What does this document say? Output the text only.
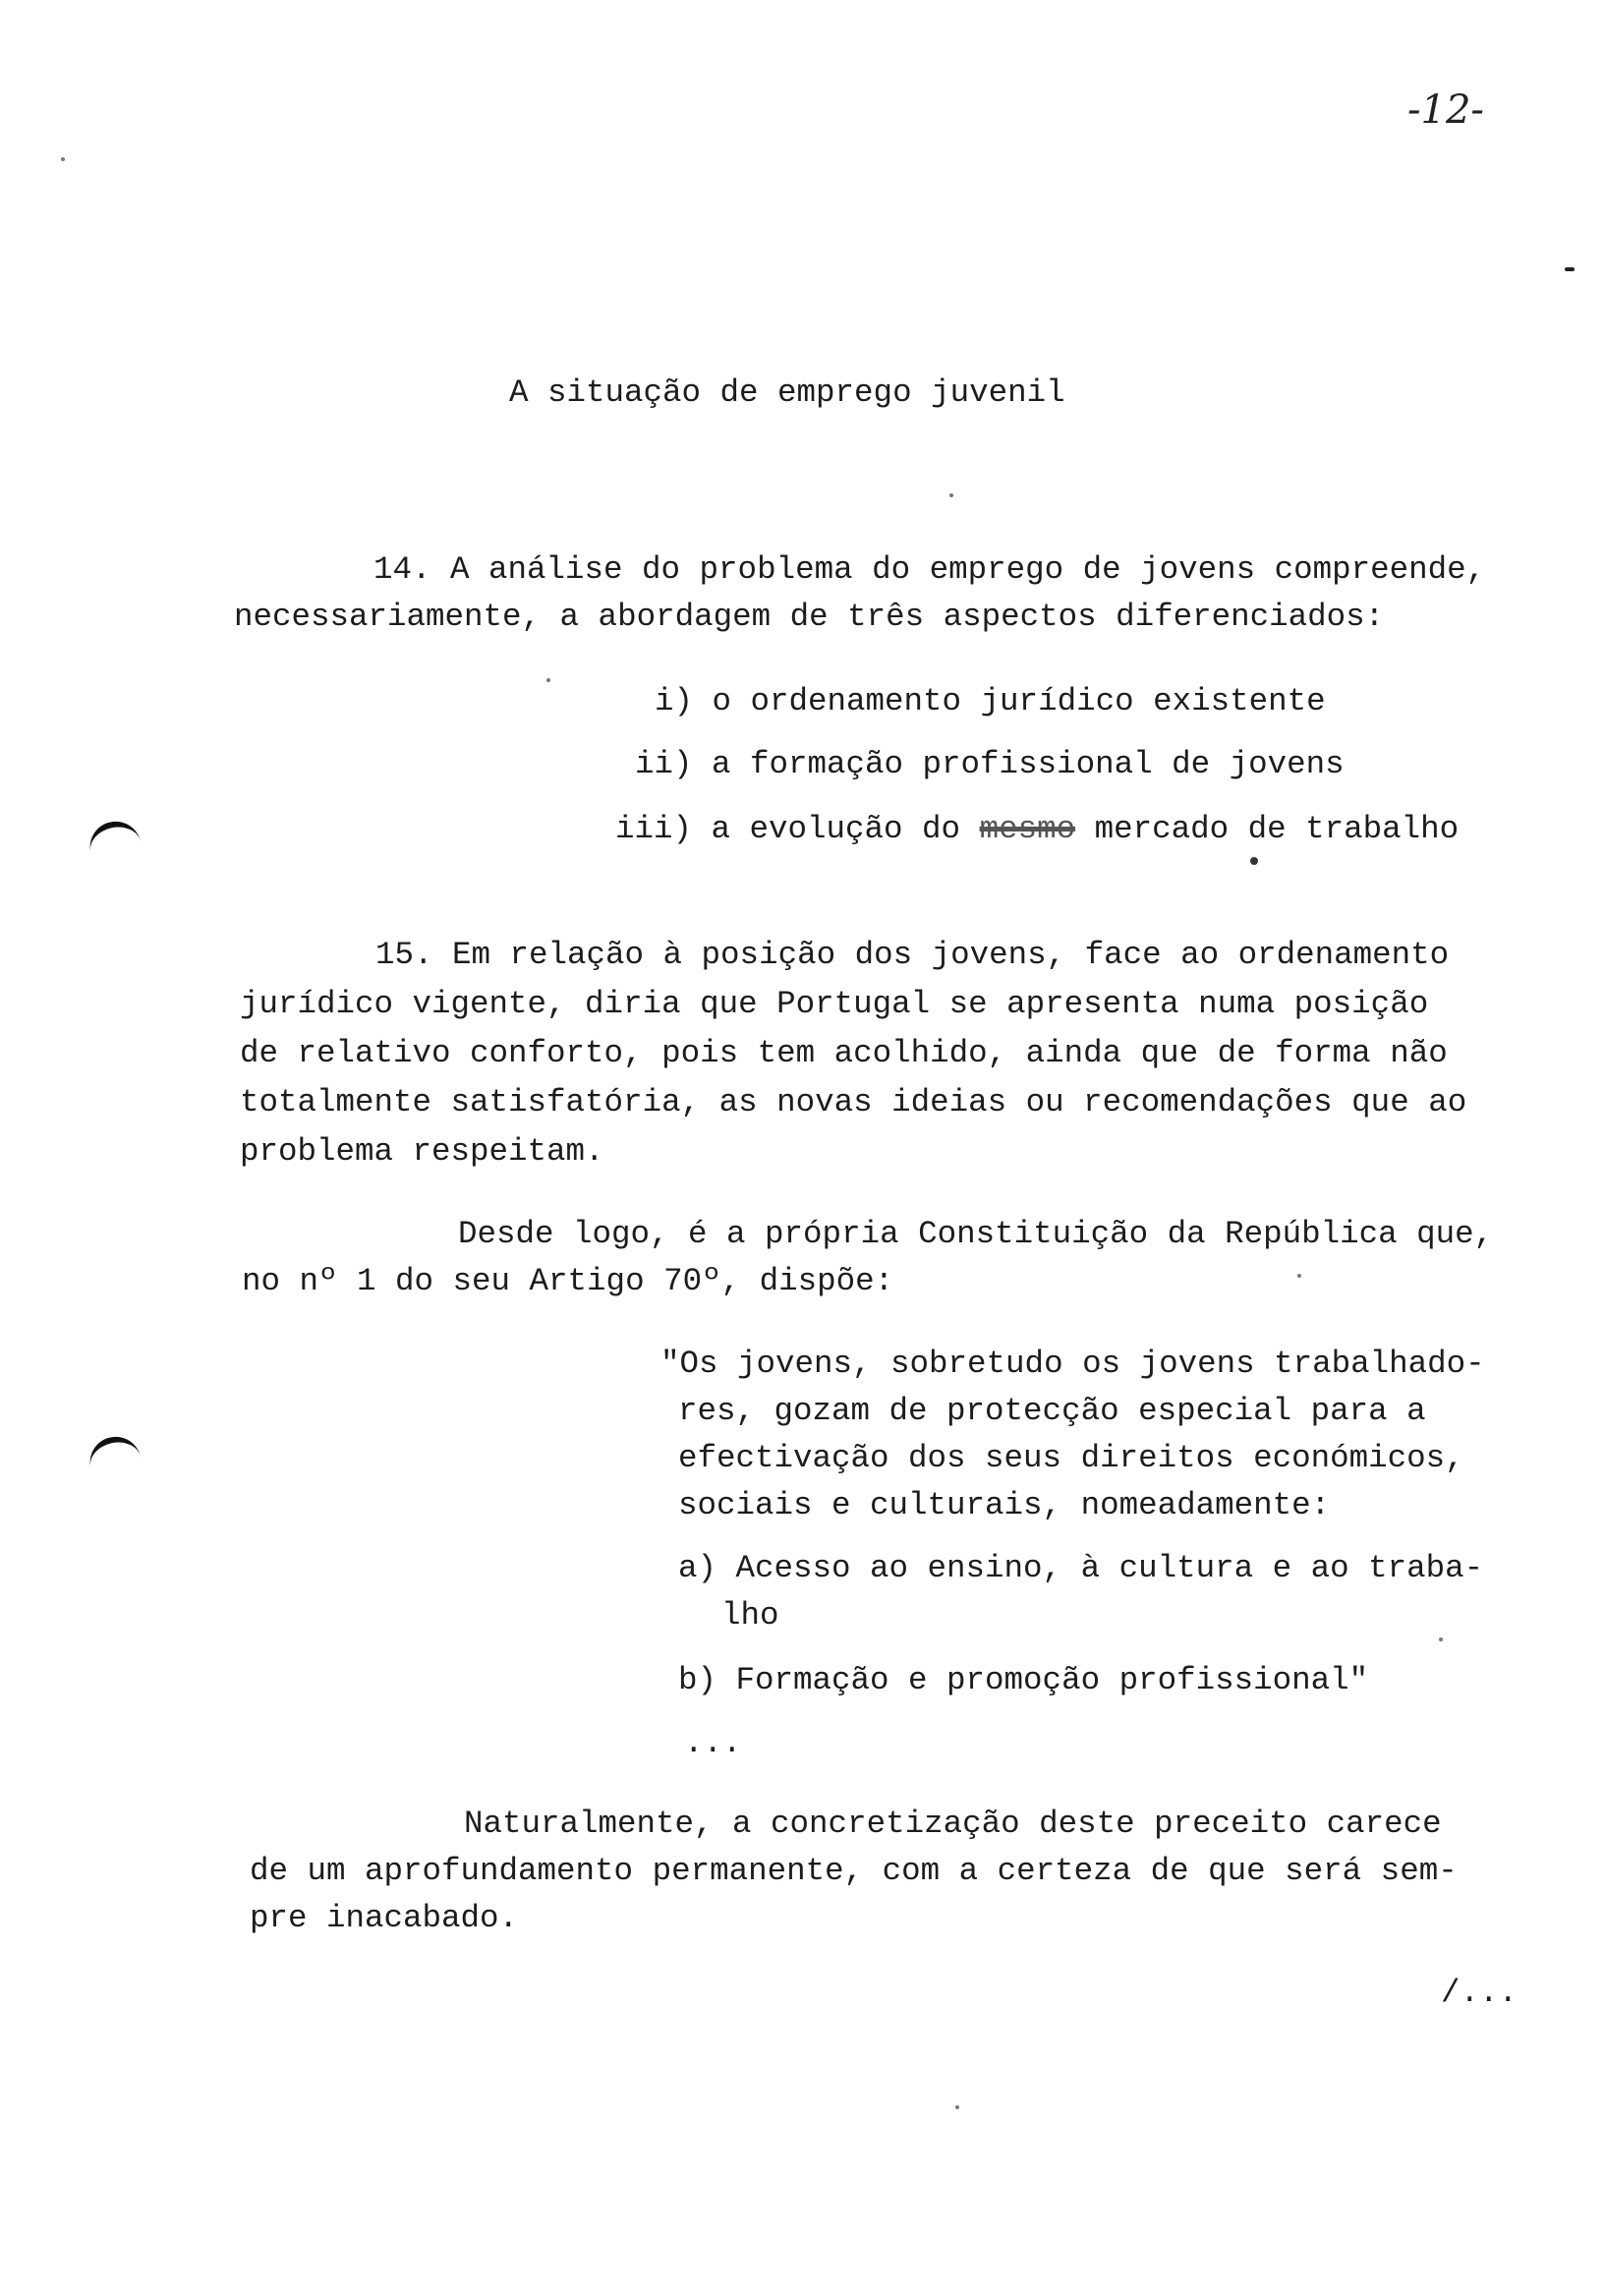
-12-
A situação de emprego juvenil
14. A análise do problema do emprego de jovens compreende,
necessariamente, a abordagem de três aspectos diferenciados:
i) o ordenamento jurídico existente
ii) a formação profissional de jovens
iii) a evolução do mesmo mercado de trabalho
15. Em relação à posição dos jovens, face ao ordenamento
jurídico vigente, diria que Portugal se apresenta numa posição
de relativo conforto, pois tem acolhido, ainda que de forma não
totalmente satisfatória, as novas ideias ou recomendações que ao
problema respeitam.
Desde logo, é a própria Constituição da República que,
no nº 1 do seu Artigo 70º, dispõe:
"Os jovens, sobretudo os jovens trabalhado-
res, gozam de protecção especial para a
efectivação dos seus direitos económicos,
sociais e culturais, nomeadamente:
a) Acesso ao ensino, à cultura e ao traba-
lho
b) Formação e promoção profissional"
...
Naturalmente, a concretização deste preceito carece
de um aprofundamento permanente, com a certeza de que será sem-
pre inacabado.
/...
